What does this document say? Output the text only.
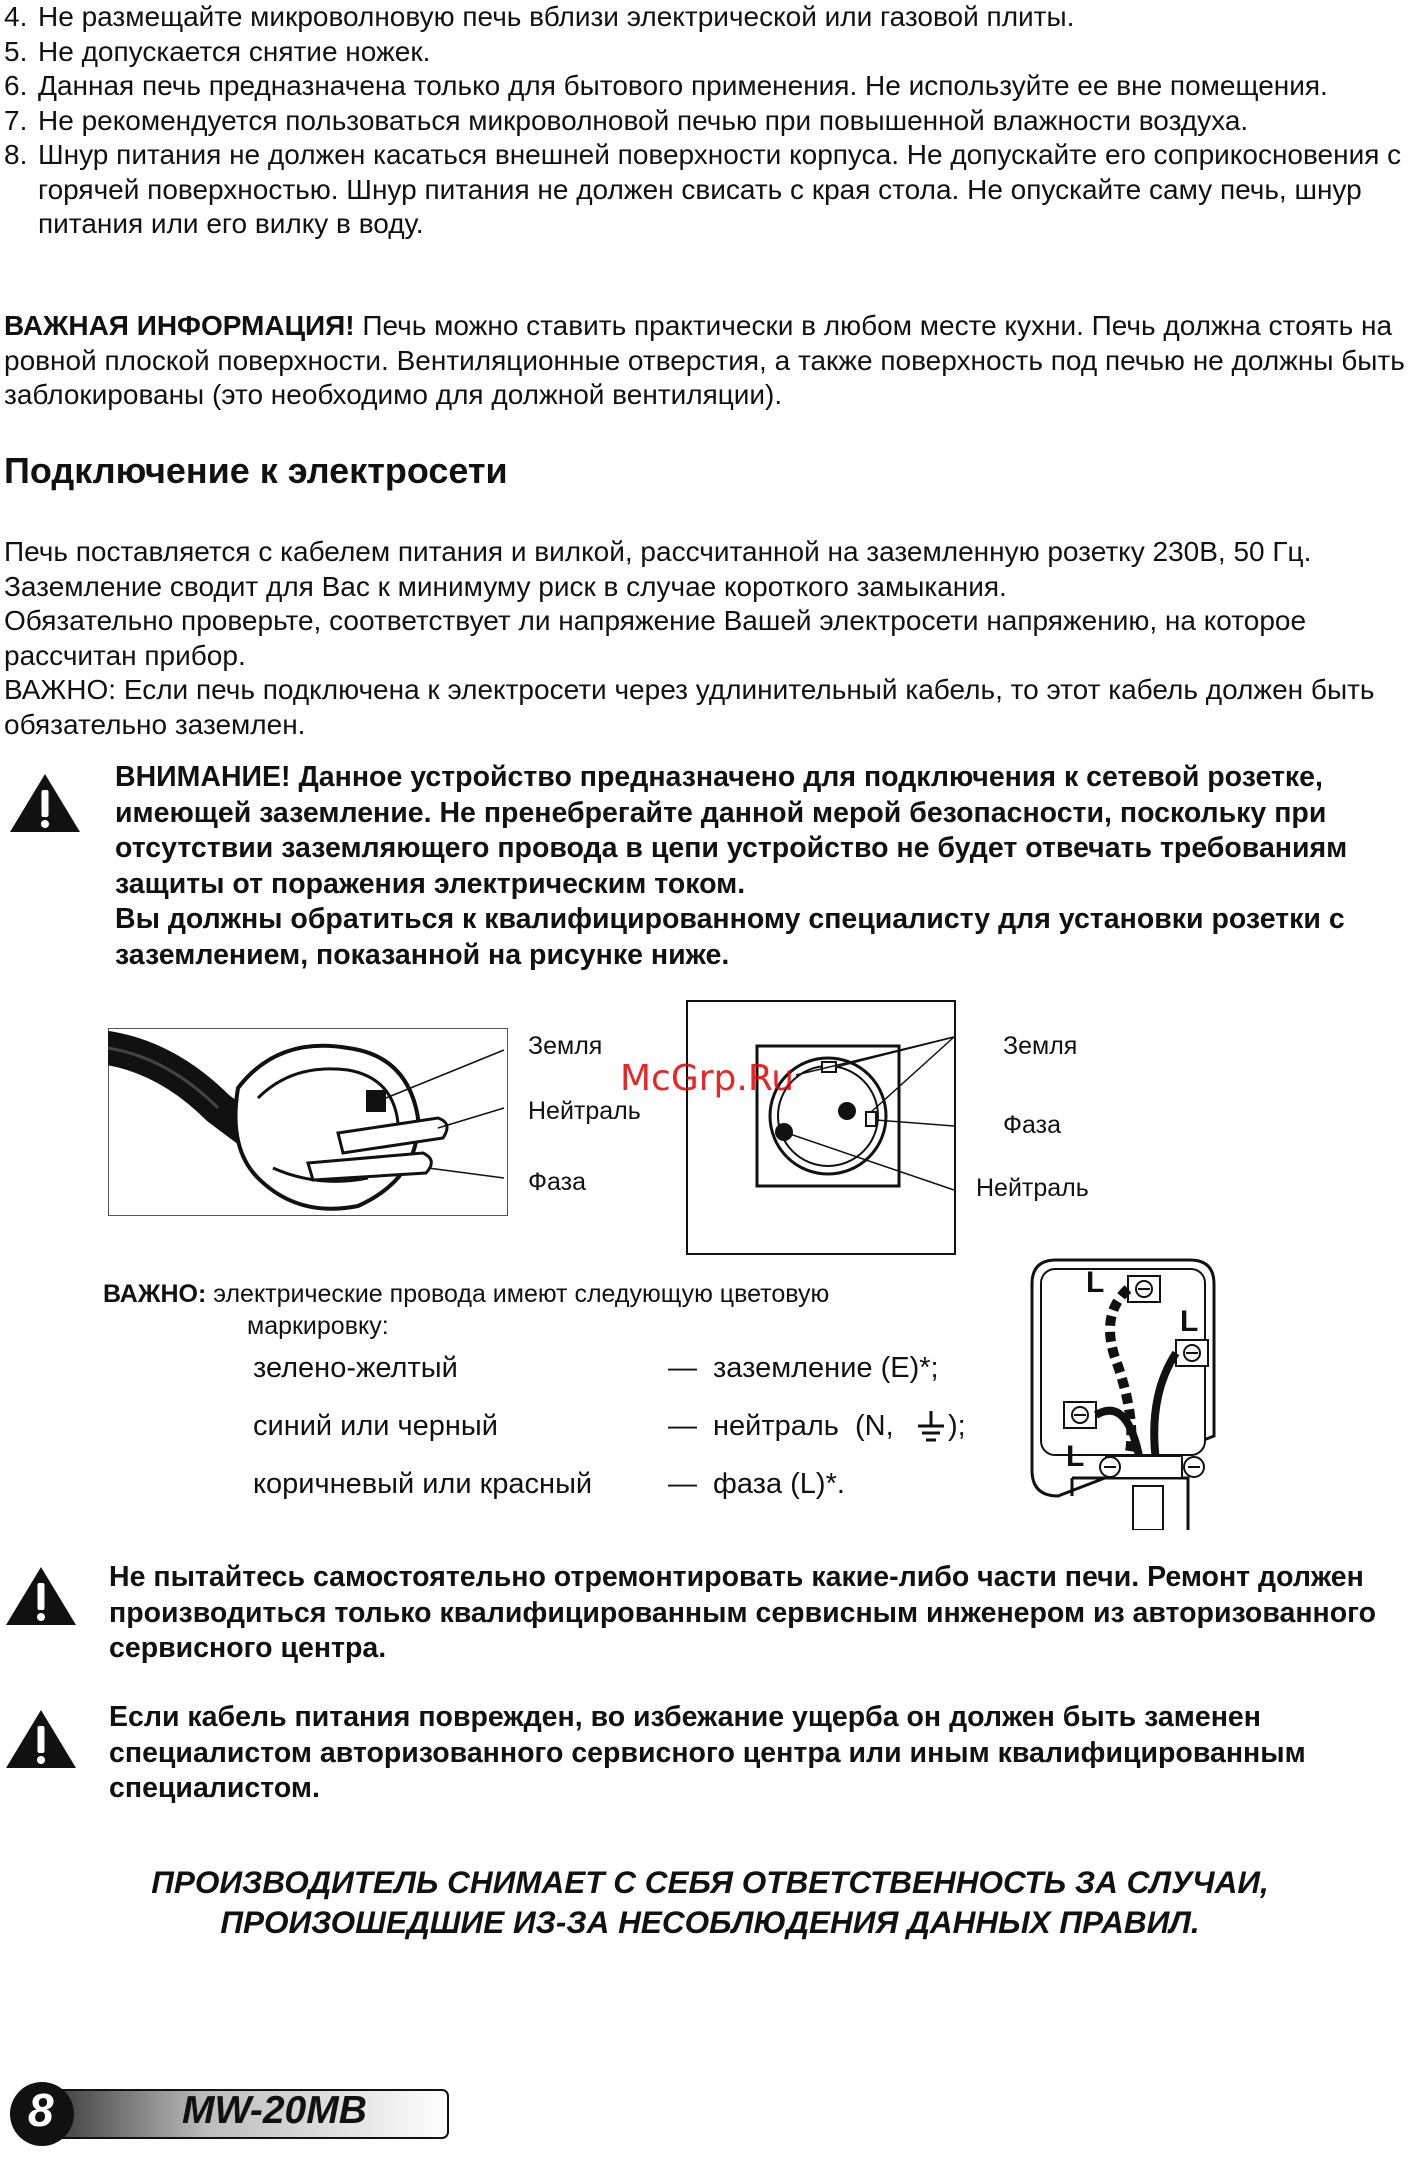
4. Не размещайте микроволновую печь вблизи электрической или газовой плиты.
5. Не допускается снятие ножек.
6. Данная печь предназначена только для бытового применения. Не используйте ее вне помещения.
7. Не рекомендуется пользоваться микроволновой печью при повышенной влажности воздуха.
8. Шнур питания не должен касаться внешней поверхности корпуса. Не допускайте его соприкосновения с горячей поверхностью. Шнур питания не должен свисать с края стола. Не опускайте саму печь, шнур питания или его вилку в воду.

ВАЖНАЯ ИНФОРМАЦИЯ! Печь можно ставить практически в любом месте кухни. Печь должна стоять на ровной плоской поверхности. Вентиляционные отверстия, а также поверхность под печью не должны быть заблокированы (это необходимо для должной вентиляции).

Подключение к электросети
Печь поставляется с кабелем питания и вилкой, рассчитанной на заземленную розетку 230В, 50 Гц. Заземление сводит для Вас к минимуму риск в случае короткого замыкания.
Обязательно проверьте, соответствует ли напряжение Вашей электросети напряжению, на которое рассчитан прибор.
ВАЖНО: Если печь подключена к электросети через удлинительный кабель, то этот кабель должен быть обязательно заземлен.
ВНИМАНИЕ! Данное устройство предназначено для подключения к сетевой розетке, имеющей заземление. Не пренебрегайте данной мерой безопасности, поскольку при отсутствии заземляющего провода в цепи устройство не будет отвечать требованиям защиты от поражения электрическим током.
Вы должны обратиться к квалифицированному специалисту для установки розетки с заземлением, показанной на рисунке ниже.
Земля
Нейтраль
Фаза
Земля
Фаза
Нейтраль
McGrp.Ru
ВАЖНО: электрические провода имеют следующую цветовую
маркировку:
зелено-желтый	— заземление (E)*;
синий или черный	— нейтраль  (N, );
коричневый или красный	— фаза (L)*.
L
L
L
Не пытайтесь самостоятельно отремонтировать какие-либо части печи. Ремонт должен производиться только квалифицированным сервисным инженером из авторизованного сервисного центра.
Если кабель питания поврежден, во избежание ущерба он должен быть заменен специалистом авторизованного сервисного центра или иным квалифицированным специалистом.
ПРОИЗВОДИТЕЛЬ СНИМАЕТ С СЕБЯ ОТВЕТСТВЕННОСТЬ ЗА СЛУЧАИ,
ПРОИЗОШЕДШИЕ ИЗ-ЗА НЕСОБЛЮДЕНИЯ ДАННЫХ ПРАВИЛ.
8	MW-20MB
